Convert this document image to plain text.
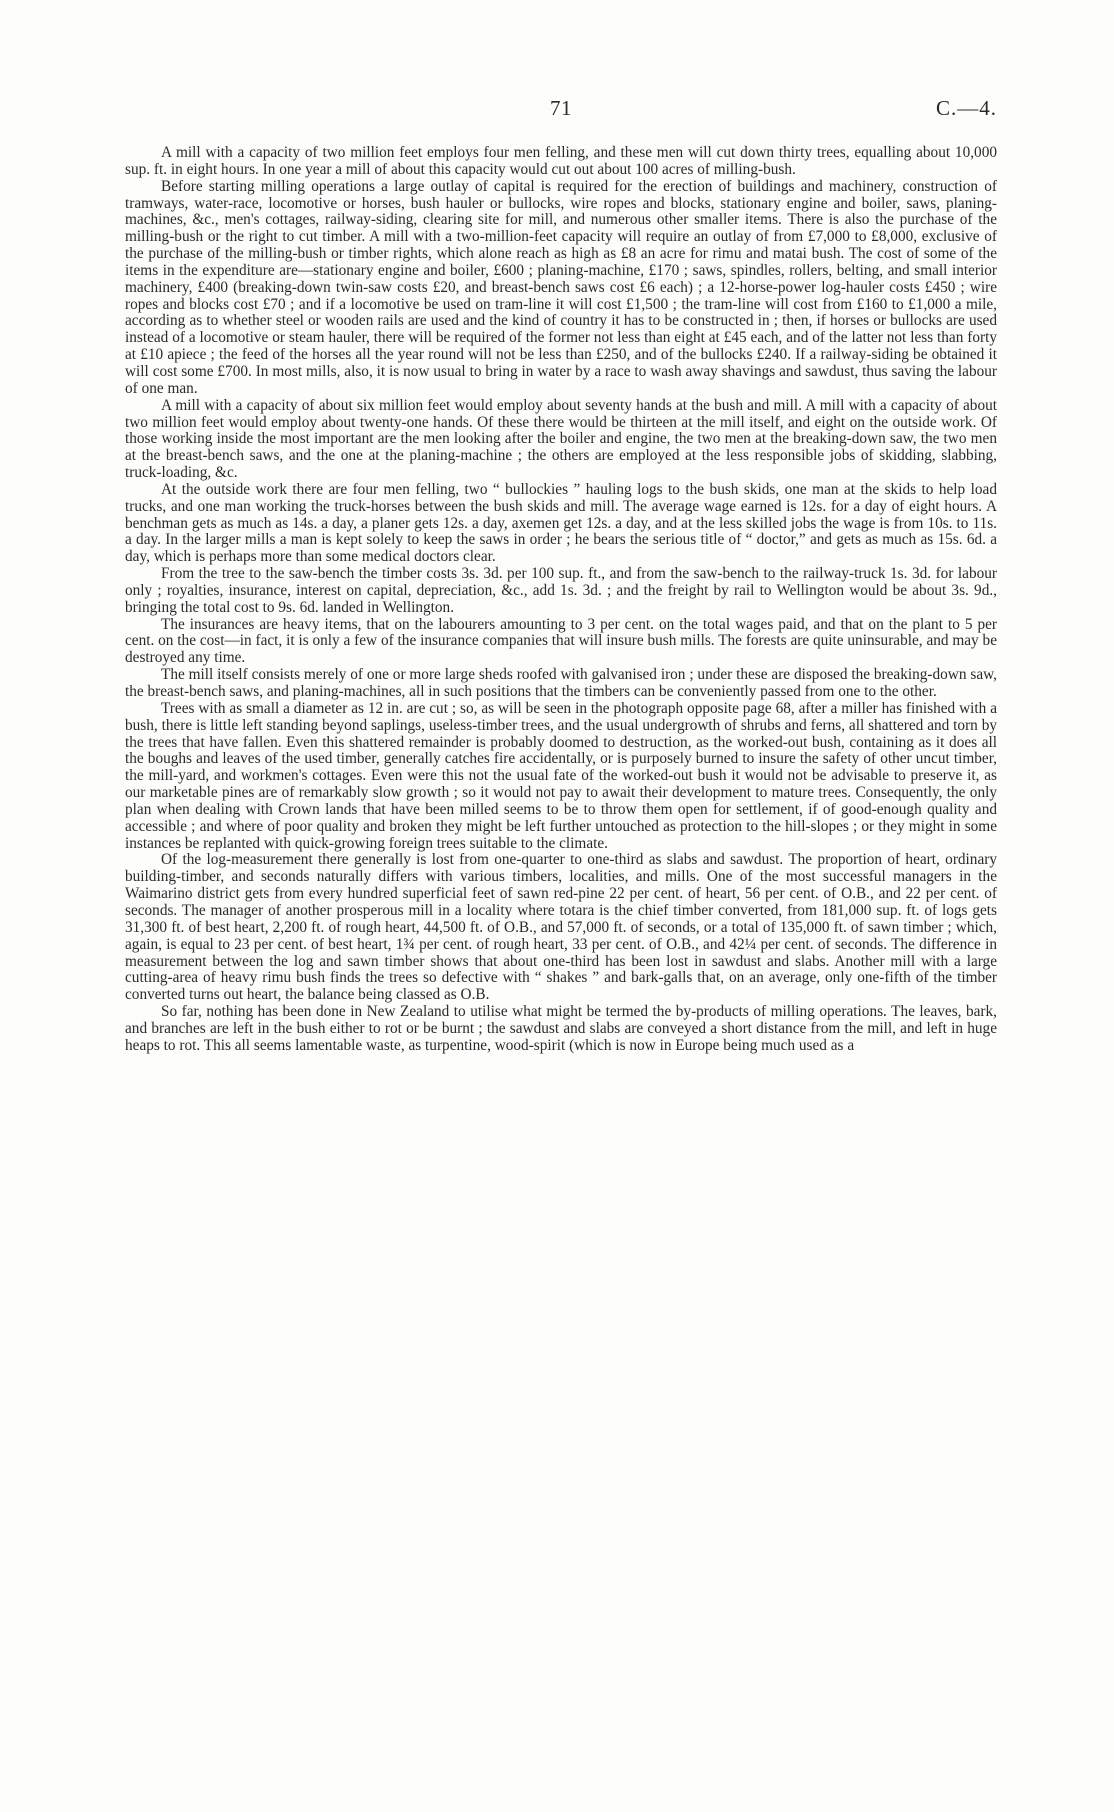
71	C.—4.

A mill with a capacity of two million feet employs four men felling, and these men will cut down thirty trees, equalling about 10,000 sup. ft. in eight hours. In one year a mill of about this capacity would cut out about 100 acres of milling-bush.

Before starting milling operations a large outlay of capital is required for the erection of buildings and machinery, construction of tramways, water-race, locomotive or horses, bush hauler or bullocks, wire ropes and blocks, stationary engine and boiler, saws, planing-machines, &c., men's cottages, railway-siding, clearing site for mill, and numerous other smaller items. There is also the purchase of the milling-bush or the right to cut timber. A mill with a two-million-feet capacity will require an outlay of from £7,000 to £8,000, exclusive of the purchase of the milling-bush or timber rights, which alone reach as high as £8 an acre for rimu and matai bush. The cost of some of the items in the expenditure are—stationary engine and boiler, £600 ; planing-machine, £170 ; saws, spindles, rollers, belting, and small interior machinery, £400 (breaking-down twin-saw costs £20, and breast-bench saws cost £6 each) ; a 12-horse-power log-hauler costs £450 ; wire ropes and blocks cost £70 ; and if a locomotive be used on tram-line it will cost £1,500 ; the tram-line will cost from £160 to £1,000 a mile, according as to whether steel or wooden rails are used and the kind of country it has to be constructed in ; then, if horses or bullocks are used instead of a locomotive or steam hauler, there will be required of the former not less than eight at £45 each, and of the latter not less than forty at £10 apiece ; the feed of the horses all the year round will not be less than £250, and of the bullocks £240. If a railway-siding be obtained it will cost some £700. In most mills, also, it is now usual to bring in water by a race to wash away shavings and sawdust, thus saving the labour of one man.

A mill with a capacity of about six million feet would employ about seventy hands at the bush and mill. A mill with a capacity of about two million feet would employ about twenty-one hands. Of these there would be thirteen at the mill itself, and eight on the outside work. Of those working inside the most important are the men looking after the boiler and engine, the two men at the breaking-down saw, the two men at the breast-bench saws, and the one at the planing-machine ; the others are employed at the less responsible jobs of skidding, slabbing, truck-loading, &c.

At the outside work there are four men felling, two “ bullockies ” hauling logs to the bush skids, one man at the skids to help load trucks, and one man working the truck-horses between the bush skids and mill. The average wage earned is 12s. for a day of eight hours. A benchman gets as much as 14s. a day, a planer gets 12s. a day, axemen get 12s. a day, and at the less skilled jobs the wage is from 10s. to 11s. a day. In the larger mills a man is kept solely to keep the saws in order ; he bears the serious title of “ doctor,” and gets as much as 15s. 6d. a day, which is perhaps more than some medical doctors clear.

From the tree to the saw-bench the timber costs 3s. 3d. per 100 sup. ft., and from the saw-bench to the railway-truck 1s. 3d. for labour only ; royalties, insurance, interest on capital, depreciation, &c., add 1s. 3d. ; and the freight by rail to Wellington would be about 3s. 9d., bringing the total cost to 9s. 6d. landed in Wellington.

The insurances are heavy items, that on the labourers amounting to 3 per cent. on the total wages paid, and that on the plant to 5 per cent. on the cost—in fact, it is only a few of the insurance companies that will insure bush mills. The forests are quite uninsurable, and may be destroyed any time.

The mill itself consists merely of one or more large sheds roofed with galvanised iron ; under these are disposed the breaking-down saw, the breast-bench saws, and planing-machines, all in such positions that the timbers can be conveniently passed from one to the other.

Trees with as small a diameter as 12 in. are cut ; so, as will be seen in the photograph opposite page 68, after a miller has finished with a bush, there is little left standing beyond saplings, useless-timber trees, and the usual undergrowth of shrubs and ferns, all shattered and torn by the trees that have fallen. Even this shattered remainder is probably doomed to destruction, as the worked-out bush, containing as it does all the boughs and leaves of the used timber, generally catches fire accidentally, or is purposely burned to insure the safety of other uncut timber, the mill-yard, and workmen's cottages. Even were this not the usual fate of the worked-out bush it would not be advisable to preserve it, as our marketable pines are of remarkably slow growth ; so it would not pay to await their development to mature trees. Consequently, the only plan when dealing with Crown lands that have been milled seems to be to throw them open for settlement, if of good-enough quality and accessible ; and where of poor quality and broken they might be left further untouched as protection to the hill-slopes ; or they might in some instances be replanted with quick-growing foreign trees suitable to the climate.

Of the log-measurement there generally is lost from one-quarter to one-third as slabs and sawdust. The proportion of heart, ordinary building-timber, and seconds naturally differs with various timbers, localities, and mills. One of the most successful managers in the Waimarino district gets from every hundred superficial feet of sawn red-pine 22 per cent. of heart, 56 per cent. of O.B., and 22 per cent. of seconds. The manager of another prosperous mill in a locality where totara is the chief timber converted, from 181,000 sup. ft. of logs gets 31,300 ft. of best heart, 2,200 ft. of rough heart, 44,500 ft. of O.B., and 57,000 ft. of seconds, or a total of 135,000 ft. of sawn timber ; which, again, is equal to 23 per cent. of best heart, 1¾ per cent. of rough heart, 33 per cent. of O.B., and 42¼ per cent. of seconds. The difference in measurement between the log and sawn timber shows that about one-third has been lost in sawdust and slabs. Another mill with a large cutting-area of heavy rimu bush finds the trees so defective with “ shakes ” and bark-galls that, on an average, only one-fifth of the timber converted turns out heart, the balance being classed as O.B.

So far, nothing has been done in New Zealand to utilise what might be termed the by-products of milling operations. The leaves, bark, and branches are left in the bush either to rot or be burnt ; the sawdust and slabs are conveyed a short distance from the mill, and left in huge heaps to rot. This all seems lamentable waste, as turpentine, wood-spirit (which is now in Europe being much used as a
